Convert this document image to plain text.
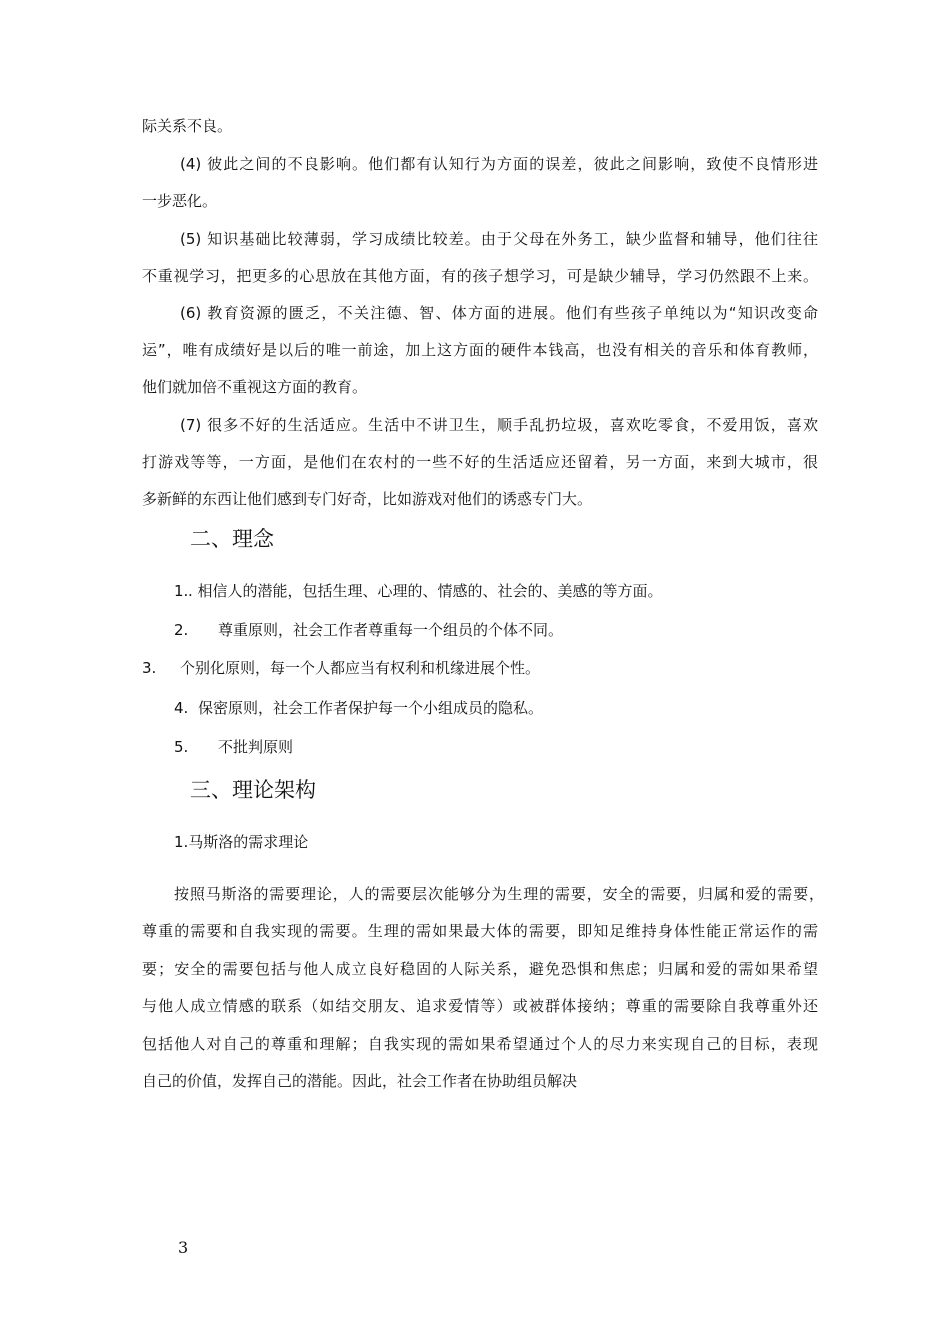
际关系不良。
(4) 彼此之间的不良影响。他们都有认知行为方面的误差，彼此之间影响，致使不良情形进
一步恶化。
(5) 知识基础比较薄弱，学习成绩比较差。由于父母在外务工，缺少监督和辅导，他们往往
不重视学习，把更多的心思放在其他方面，有的孩子想学习，可是缺少辅导，学习仍然跟不上来。
(6) 教育资源的匮乏，不关注德、智、体方面的进展。他们有些孩子单纯以为“知识改变命
运”，唯有成绩好是以后的唯一前途，加上这方面的硬件本钱高，也没有相关的音乐和体育教师，
他们就加倍不重视这方面的教育。
(7) 很多不好的生活适应。生活中不讲卫生，顺手乱扔垃圾，喜欢吃零食，不爱用饭，喜欢
打游戏等等，一方面，是他们在农村的一些不好的生活适应还留着，另一方面，来到大城市，很
多新鲜的东西让他们感到专门好奇，比如游戏对他们的诱惑专门大。
二、理念
1. . 相信人的潜能，包括生理、心理的、情感的、社会的、美感的等方面。
2. 尊重原则，社会工作者尊重每一个组员的个体不同。
3. 个别化原则，每一个人都应当有权利和机缘进展个性。
4. 保密原则，社会工作者保护每一个小组成员的隐私。
5. 不批判原则
三、理论架构
1.马斯洛的需求理论
按照马斯洛的需要理论，人的需要层次能够分为生理的需要，安全的需要，归属和爱的需要，
尊重的需要和自我实现的需要。生理的需如果最大体的需要，即知足维持身体性能正常运作的需
要；安全的需要包括与他人成立良好稳固的人际关系，避免恐惧和焦虑；归属和爱的需如果希望
与他人成立情感的联系（如结交朋友、追求爱情等）或被群体接纳；尊重的需要除自我尊重外还
包括他人对自己的尊重和理解；自我实现的需如果希望通过个人的尽力来实现自己的目标，表现
自己的价值，发挥自己的潜能。因此，社会工作者在协助组员解决
3
